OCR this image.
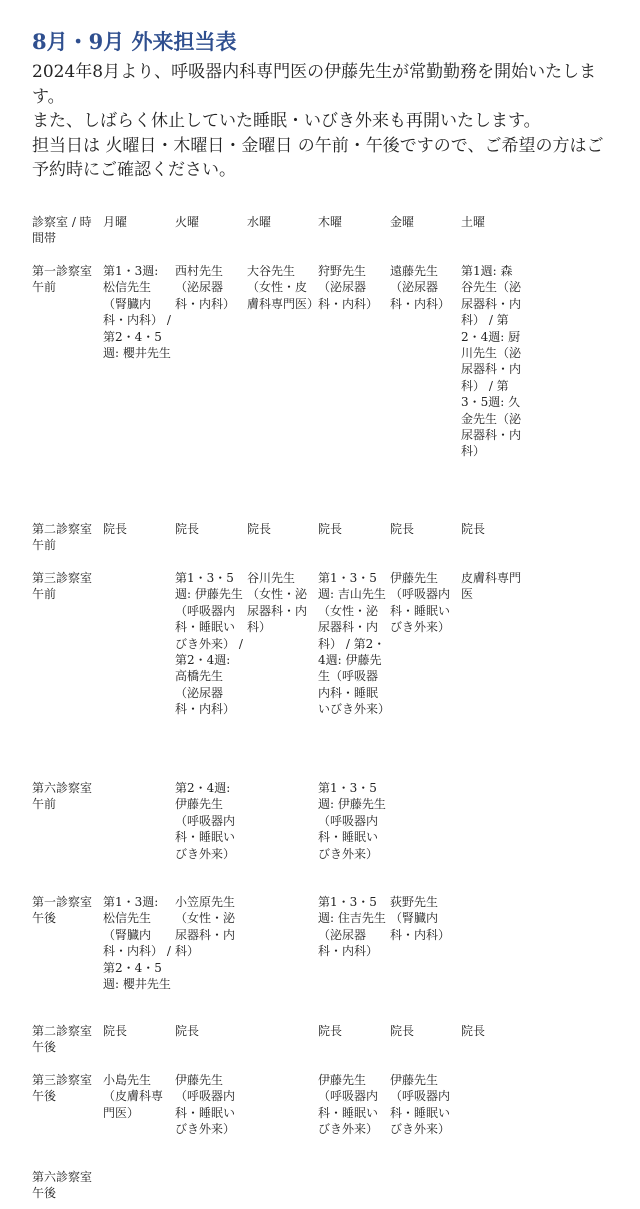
8月・9月 外来担当表

2024年8月より、呼吸器内科専門医の伊藤先生が常勤勤務を開始いたします。

また、しばらく休止していた睡眠・いびき外来も再開いたします。

担当日は 火曜日・木曜日・金曜日 の午前・午後ですので、ご希望の方はご予約時にご確認ください。

診察室 / 時間帯	月曜	火曜	水曜	木曜	金曜	土曜
第一診察室 午前	第1・3週: 松信先生（腎臓内科・内科） / 第2・4・5週: 櫻井先生	西村先生（泌尿器科・内科）	大谷先生（女性・皮膚科専門医）	狩野先生（泌尿器科・内科）	遠藤先生（泌尿器科・内科）	第1週: 森谷先生（泌尿器科・内科） / 第2・4週: 厨川先生（泌尿器科・内科） / 第3・5週: 久金先生（泌尿器科・内科）
第二診察室 午前	院長	院長	院長	院長	院長	院長
第三診察室 午前		第1・3・5週: 伊藤先生（呼吸器内科・睡眠いびき外来） / 第2・4週: 高橋先生（泌尿器科・内科）	谷川先生（女性・泌尿器科・内科）	第1・3・5週: 吉山先生（女性・泌尿器科・内科） / 第2・4週: 伊藤先生（呼吸器内科・睡眠いびき外来）	伊藤先生（呼吸器内科・睡眠いびき外来）	皮膚科専門医
第六診察室 午前		第2・4週: 伊藤先生（呼吸器内科・睡眠いびき外来）		第1・3・5週: 伊藤先生（呼吸器内科・睡眠いびき外来）		
第一診察室 午後	第1・3週: 松信先生（腎臓内科・内科） / 第2・4・5週: 櫻井先生	小笠原先生（女性・泌尿器科・内科）		第1・3・5週: 住吉先生（泌尿器科・内科）	荻野先生（腎臓内科・内科）	
第二診察室 午後	院長	院長		院長	院長	院長
第三診察室 午後	小島先生（皮膚科専門医）	伊藤先生（呼吸器内科・睡眠いびき外来）		伊藤先生（呼吸器内科・睡眠いびき外来）	伊藤先生（呼吸器内科・睡眠いびき外来）	
第六診察室 午後						
